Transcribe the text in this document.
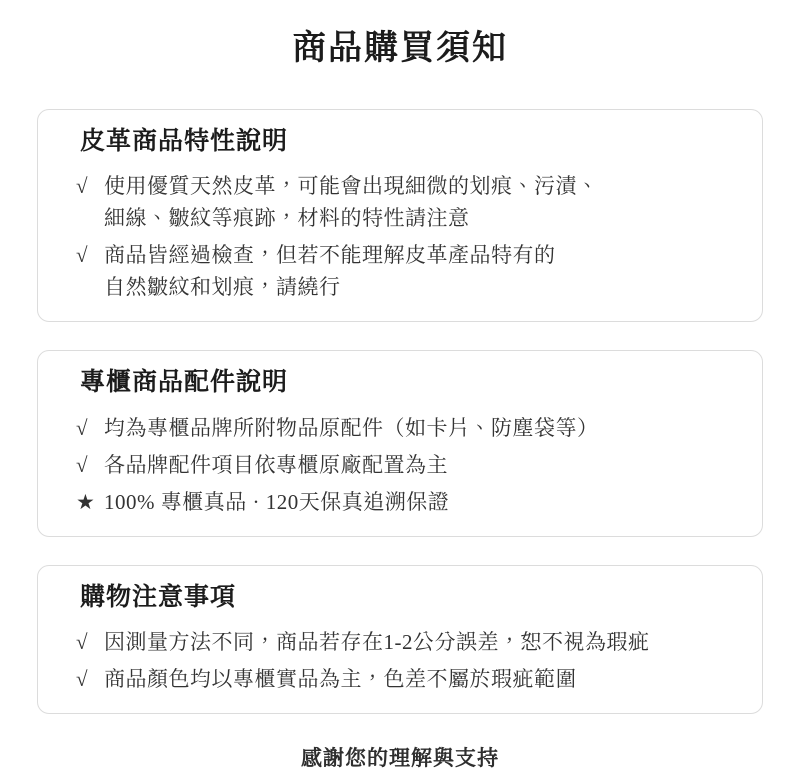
商品購買須知
皮革商品特性說明
√ 使用優質天然皮革，可能會出現細微的划痕、污漬、
細線、皺紋等痕跡，材料的特性請注意
√ 商品皆經過檢查，但若不能理解皮革產品特有的
自然皺紋和划痕，請繞行
專櫃商品配件說明
√ 均為專櫃品牌所附物品原配件（如卡片、防塵袋等）
√ 各品牌配件項目依專櫃原廠配置為主
★ 100% 專櫃真品 · 120天保真追溯保證
購物注意事項
√ 因測量方法不同，商品若存在1-2公分誤差，恕不視為瑕疵
√ 商品顏色均以專櫃實品為主，色差不屬於瑕疵範圍
感謝您的理解與支持
